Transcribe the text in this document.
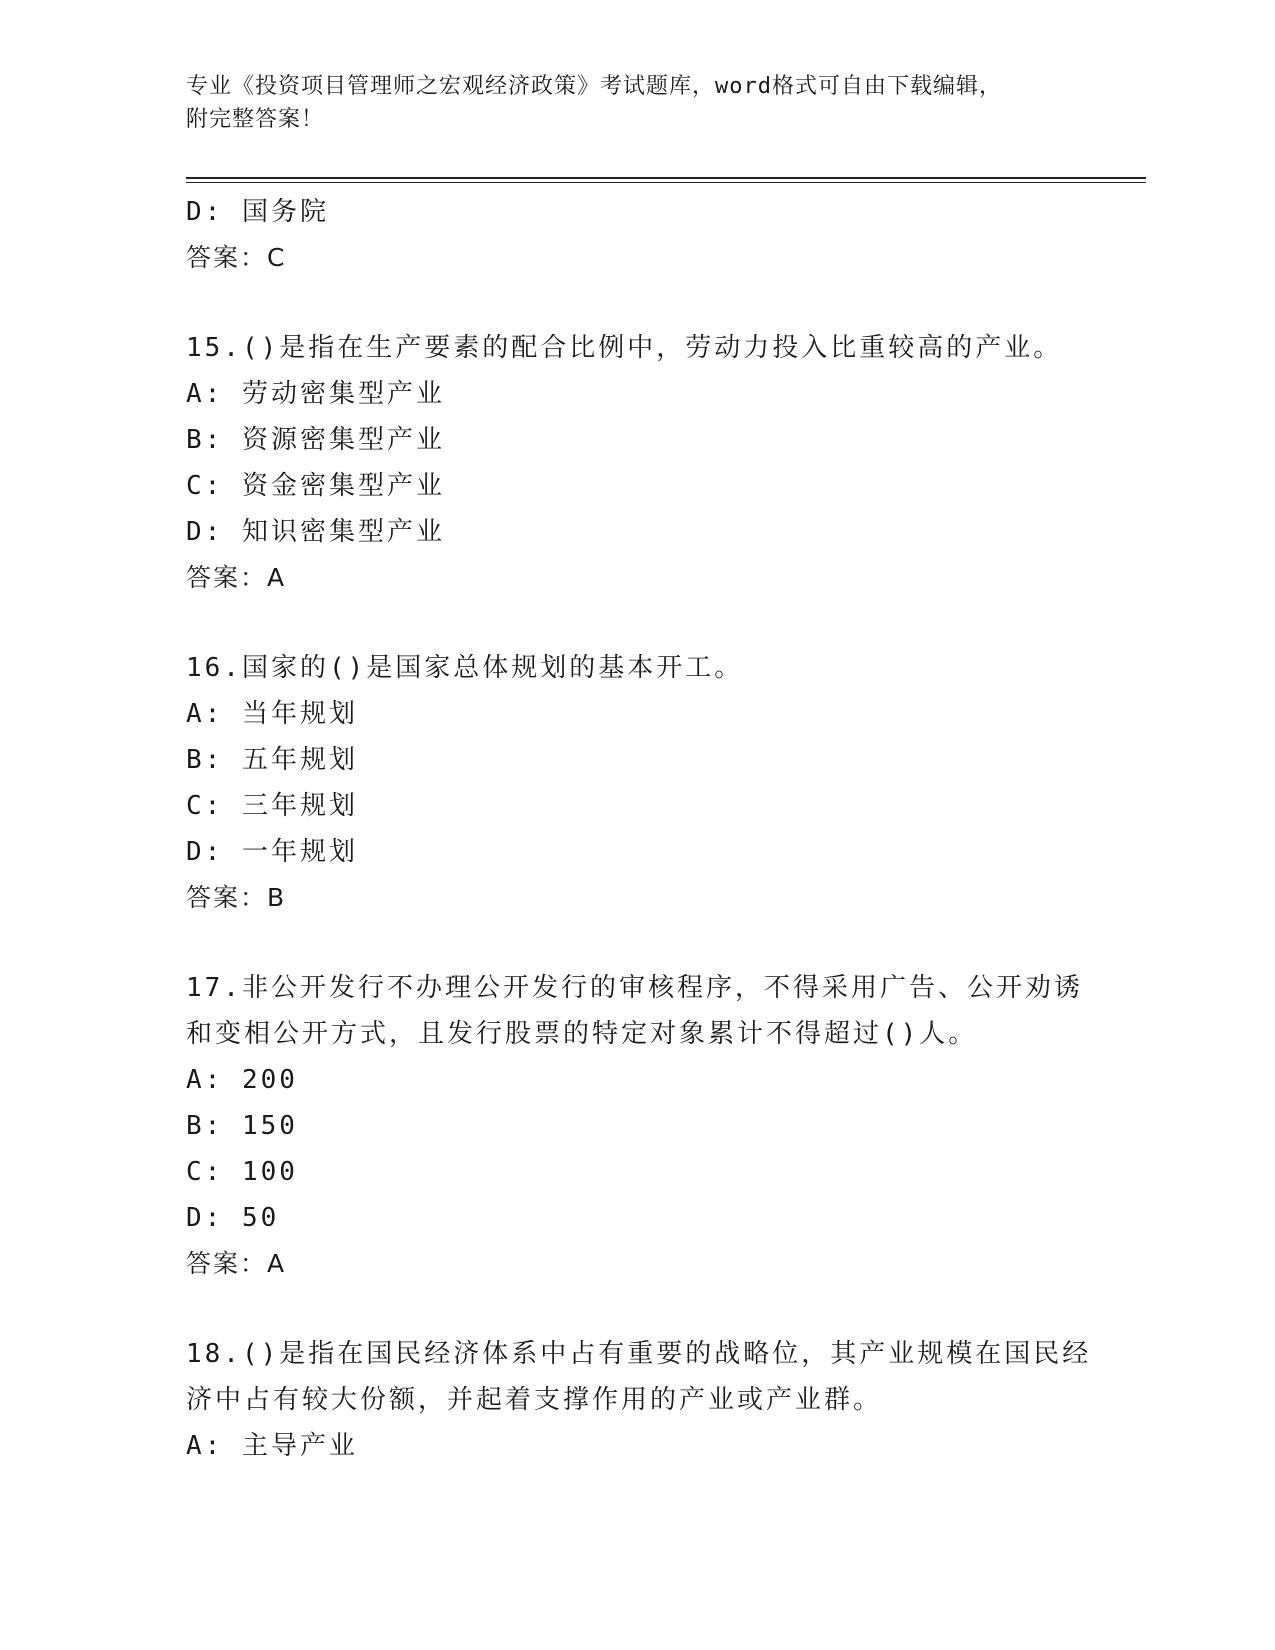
专业《投资项目管理师之宏观经济政策》考试题库，word格式可自由下载编辑，
附完整答案！
D: 国务院
答案：C
15.()是指在生产要素的配合比例中，劳动力投入比重较高的产业。
A: 劳动密集型产业
B: 资源密集型产业
C: 资金密集型产业
D: 知识密集型产业
答案：A
16.国家的()是国家总体规划的基本开工。
A: 当年规划
B: 五年规划
C: 三年规划
D: 一年规划
答案：B
17.非公开发行不办理公开发行的审核程序，不得采用广告、公开劝诱
和变相公开方式，且发行股票的特定对象累计不得超过()人。
A: 200
B: 150
C: 100
D: 50
答案：A
18.()是指在国民经济体系中占有重要的战略位，其产业规模在国民经
济中占有较大份额，并起着支撑作用的产业或产业群。
A: 主导产业
